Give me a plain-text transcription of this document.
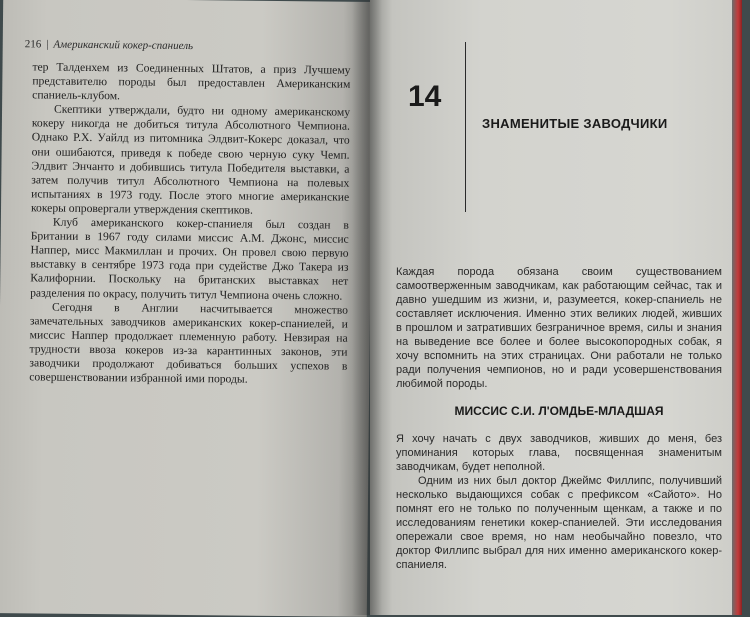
216 | Американский кокер-спаниель

тер Талденхем из Соединенных Штатов, а приз Лучшему представителю породы был предоставлен Американским спаниель-клубом.

Скептики утверждали, будто ни одному американскому кокеру никогда не добиться титула Абсолютного Чемпиона. Однако Р.Х. Уайлд из питомника Элдвит-Кокерс доказал, что они ошибаются, приведя к победе свою черную суку Чемп. Элдвит Энчанто и добившись титула Победителя выставки, а затем получив титул Абсолютного Чемпиона на полевых испытаниях в 1973 году. После этого многие американские кокеры опровергали утверждения скептиков.

Клуб американского кокер-спаниеля был создан в Британии в 1967 году силами миссис А.М. Джонс, миссис Наппер, мисс Макмиллан и прочих. Он провел свою первую выставку в сентябре 1973 года при судействе Джо Такера из Калифорнии. Поскольку на британских выставках нет разделения по окрасу, получить титул Чемпиона очень сложно.

Сегодня в Англии насчитывается множество замечательных заводчиков американских кокер-спаниелей, и миссис Наппер продолжает племенную работу. Невзирая на трудности ввоза кокеров из-за карантинных законов, эти заводчики продолжают добиваться больших успехов в совершенствовании избранной ими породы.

14
ЗНАМЕНИТЫЕ ЗАВОДЧИКИ

Каждая порода обязана своим существованием самоотверженным заводчикам, как работающим сейчас, так и давно ушедшим из жизни, и, разумеется, кокер-спаниель не составляет исключения. Именно этих великих людей, живших в прошлом и затративших безграничное время, силы и знания на выведение все более и более высокопородных собак, я хочу вспомнить на этих страницах. Они работали не только ради получения чемпионов, но и ради усовершенствования любимой породы.

МИССИС С.И. Л'ОМДЬЕ-МЛАДШАЯ

Я хочу начать с двух заводчиков, живших до меня, без упоминания которых глава, посвященная знаменитым заводчикам, будет неполной.

Одним из них был доктор Джеймс Филлипс, получивший несколько выдающихся собак с префиксом «Сайото». Но помнят его не только по полученным щенкам, а также и по исследованиям генетики кокер-спаниелей. Эти исследования опережали свое время, но нам необычайно повезло, что доктор Филлипс выбрал для них именно американского кокер-спаниеля.
